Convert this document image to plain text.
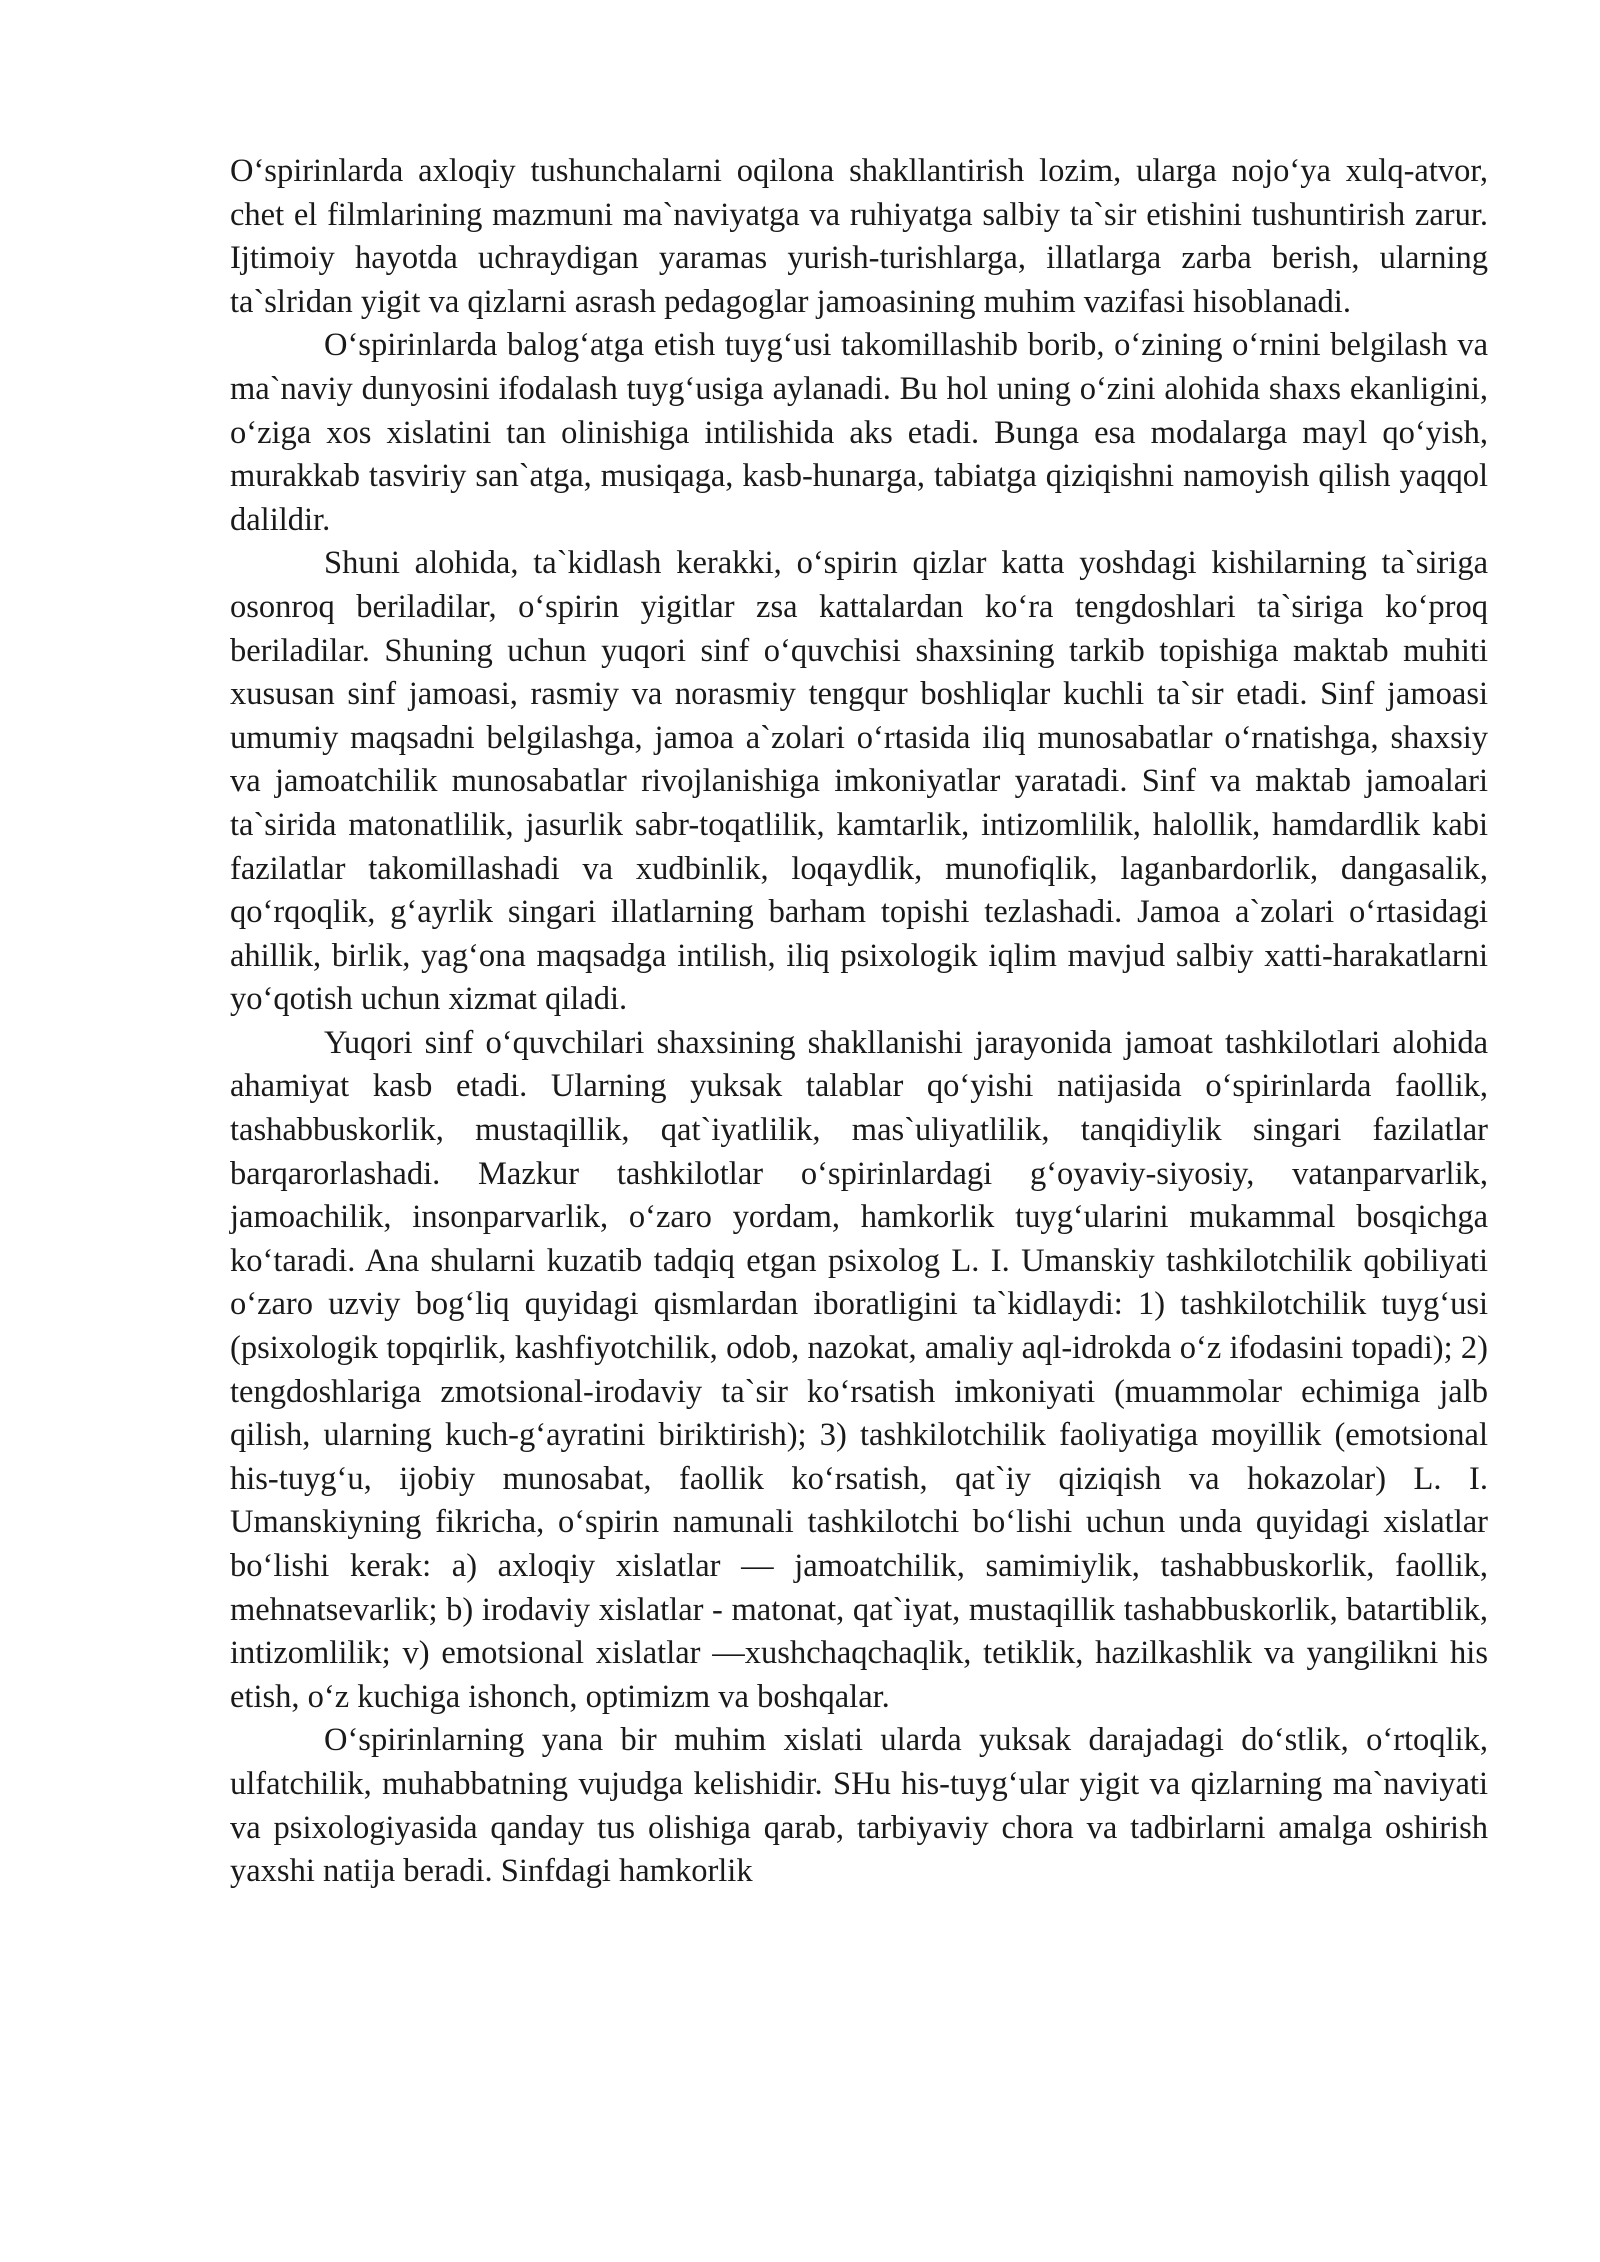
O‘spirinlarda axloqiy tushunchalarni oqilona shakllantirish lozim, ularga nojo‘ya xulq-atvor, chet el filmlarining mazmuni ma`naviyatga va ruhiyatga salbiy ta`sir etishini tushuntirish zarur. Ijtimoiy hayotda uchraydigan yaramas yurish-turishlarga, illatlarga zarba berish, ularning ta`slridan yigit va qizlarni asrash pedagoglar jamoasining muhim vazifasi hisoblanadi.

O‘spirinlarda balog‘atga etish tuyg‘usi takomillashib borib, o‘zining o‘rnini belgilash va ma`naviy dunyosini ifodalash tuyg‘usiga aylanadi. Bu hol uning o‘zini alohida shaxs ekanligini, o‘ziga xos xislatini tan olinishiga intilishida aks etadi. Bunga esa modalarga mayl qo‘yish, murakkab tasviriy san`atga, musiqaga, kasb-hunarga, tabiatga qiziqishni namoyish qilish yaqqol dalildir.

Shuni alohida, ta`kidlash kerakki, o‘spirin qizlar katta yoshdagi kishilarning ta`siriga osonroq beriladilar, o‘spirin yigitlar zsa kattalardan ko‘ra tengdoshlari ta`siriga ko‘proq beriladilar. Shuning uchun yuqori sinf o‘quvchisi shaxsining tarkib topishiga maktab muhiti xususan sinf jamoasi, rasmiy va norasmiy tengqur boshliqlar kuchli ta`sir etadi. Sinf jamoasi umumiy maqsadni belgilashga, jamoa a`zolari o‘rtasida iliq munosabatlar o‘rnatishga, shaxsiy va jamoatchilik munosabatlar rivojlanishiga imkoniyatlar yaratadi. Sinf va maktab jamoalari ta`sirida matonatlilik, jasurlik sabr-toqatlilik, kamtarlik, intizomlilik, halollik, hamdardlik kabi fazilatlar takomillashadi va xudbinlik, loqaydlik, munofiqlik, laganbardorlik, dangasalik, qo‘rqoqlik, g‘ayrlik singari illatlarning barham topishi tezlashadi. Jamoa a`zolari o‘rtasidagi ahillik, birlik, yag‘ona maqsadga intilish, iliq psixologik iqlim mavjud salbiy xatti-harakatlarni yo‘qotish uchun xizmat qiladi.

Yuqori sinf o‘quvchilari shaxsining shakllanishi jarayonida jamoat tashkilotlari alohida ahamiyat kasb etadi. Ularning yuksak talablar qo‘yishi natijasida o‘spirinlarda faollik, tashabbuskorlik, mustaqillik, qat`iyatlilik, mas`uliyatlilik, tanqidiylik singari fazilatlar barqarorlashadi. Mazkur tashkilotlar o‘spirinlardagi g‘oyaviy-siyosiy, vatanparvarlik, jamoachilik, insonparvarlik, o‘zaro yordam, hamkorlik tuyg‘ularini mukammal bosqichga ko‘taradi. Ana shularni kuzatib tadqiq etgan psixolog L. I. Umanskiy tashkilotchilik qobiliyati o‘zaro uzviy bog‘liq quyidagi qismlardan iboratligini ta`kidlaydi: 1) tashkilotchilik tuyg‘usi (psixologik topqirlik, kashfiyotchilik, odob, nazokat, amaliy aql-idrokda o‘z ifodasini topadi); 2) tengdoshlariga zmotsional-irodaviy ta`sir ko‘rsatish imkoniyati (muammolar echimiga jalb qilish, ularning kuch-g‘ayratini biriktirish); 3) tashkilotchilik faoliyatiga moyillik (emotsional his-tuyg‘u, ijobiy munosabat, faollik ko‘rsatish, qat`iy qiziqish va hokazolar) L. I. Umanskiyning fikricha, o‘spirin namunali tashkilotchi bo‘lishi uchun unda quyidagi xislatlar bo‘lishi kerak: a) axloqiy xislatlar — jamoatchilik, samimiylik, tashabbuskorlik, faollik, mehnatsevarlik; b) irodaviy xislatlar - matonat, qat`iyat, mustaqillik tashabbuskorlik, batartiblik, intizomlilik; v) emotsional xislatlar —xushchaqchaqlik, tetiklik, hazilkashlik va yangilikni his etish, o‘z kuchiga ishonch, optimizm va boshqalar.

O‘spirinlarning yana bir muhim xislati ularda yuksak darajadagi do‘stlik, o‘rtoqlik, ulfatchilik, muhabbatning vujudga kelishidir. SHu his-tuyg‘ular yigit va qizlarning ma`naviyati va psixologiyasida qanday tus olishiga qarab, tarbiyaviy chora va tadbirlarni amalga oshirish yaxshi natija beradi. Sinfdagi hamkorlik
